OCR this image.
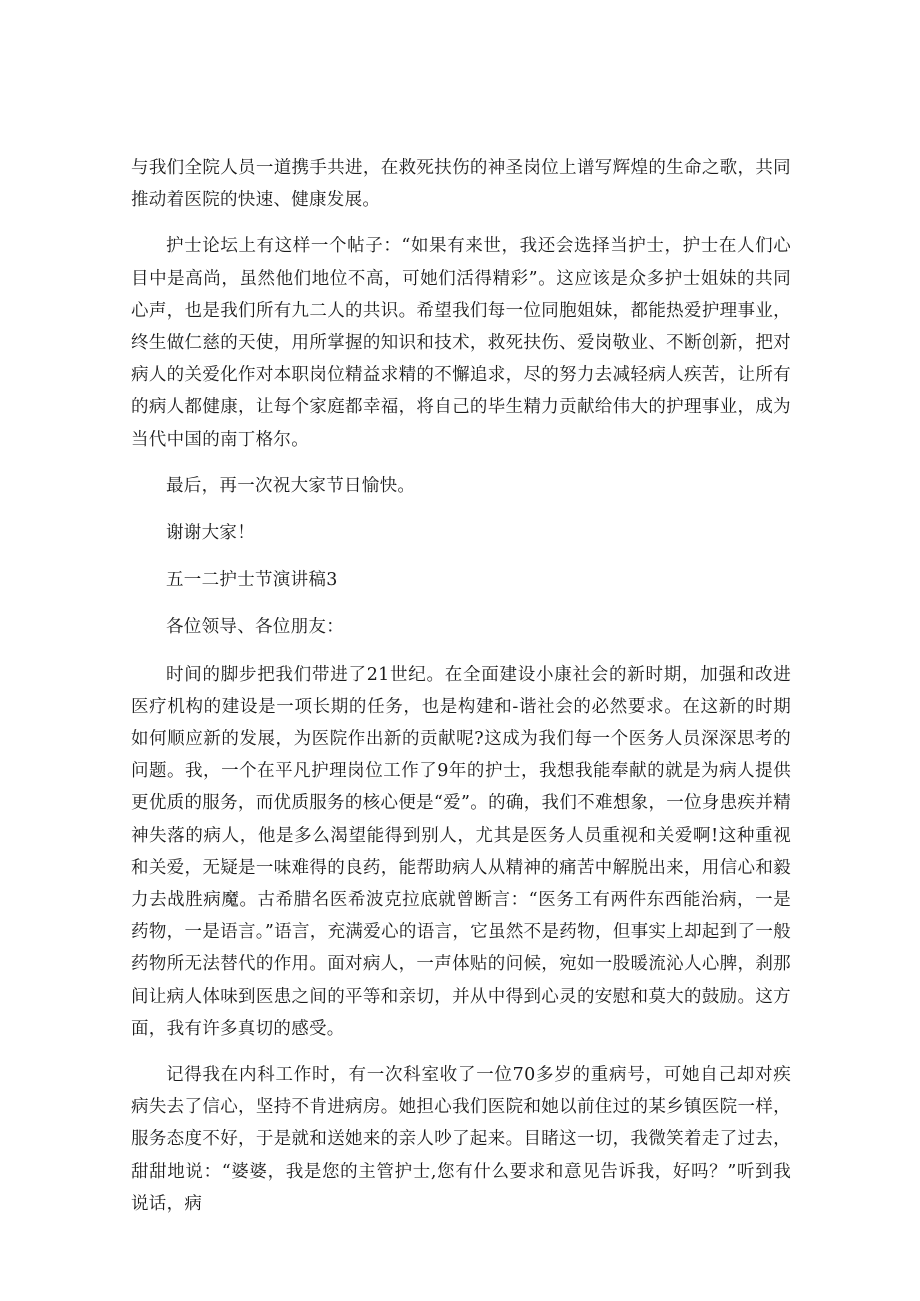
与我们全院人员一道携手共进，在救死扶伤的神圣岗位上谱写辉煌的生命之歌，共同推动着医院的快速、健康发展。

护士论坛上有这样一个帖子：“如果有来世，我还会选择当护士，护士在人们心目中是高尚，虽然他们地位不高，可她们活得精彩”。这应该是众多护士姐妹的共同心声，也是我们所有九二人的共识。希望我们每一位同胞姐妹，都能热爱护理事业，终生做仁慈的天使，用所掌握的知识和技术，救死扶伤、爱岗敬业、不断创新，把对病人的关爱化作对本职岗位精益求精的不懈追求，尽的努力去减轻病人疾苦，让所有的病人都健康，让每个家庭都幸福，将自己的毕生精力贡献给伟大的护理事业，成为当代中国的南丁格尔。

最后，再一次祝大家节日愉快。

谢谢大家！

五一二护士节演讲稿3

各位领导、各位朋友：

时间的脚步把我们带进了21世纪。在全面建设小康社会的新时期，加强和改进医疗机构的建设是一项长期的任务，也是构建和-谐社会的必然要求。在这新的时期如何顺应新的发展，为医院作出新的贡献呢?这成为我们每一个医务人员深深思考的问题。我，一个在平凡护理岗位工作了9年的护士，我想我能奉献的就是为病人提供更优质的服务，而优质服务的核心便是“爱”。的确，我们不难想象，一位身患疾并精神失落的病人，他是多么渴望能得到别人，尤其是医务人员重视和关爱啊!这种重视和关爱，无疑是一味难得的良药，能帮助病人从精神的痛苦中解脱出来，用信心和毅力去战胜病魔。古希腊名医希波克拉底就曾断言：“医务工有两件东西能治病，一是药物，一是语言。”语言，充满爱心的语言，它虽然不是药物，但事实上却起到了一般药物所无法替代的作用。面对病人，一声体贴的问候，宛如一股暖流沁人心脾，刹那间让病人体味到医患之间的平等和亲切，并从中得到心灵的安慰和莫大的鼓励。这方面，我有许多真切的感受。

记得我在内科工作时，有一次科室收了一位70多岁的重病号，可她自己却对疾病失去了信心，坚持不肯进病房。她担心我们医院和她以前住过的某乡镇医院一样，服务态度不好，于是就和送她来的亲人吵了起来。目睹这一切，我微笑着走了过去，甜甜地说：“婆婆，我是您的主管护士,您有什么要求和意见告诉我，好吗？”听到我说话，病
